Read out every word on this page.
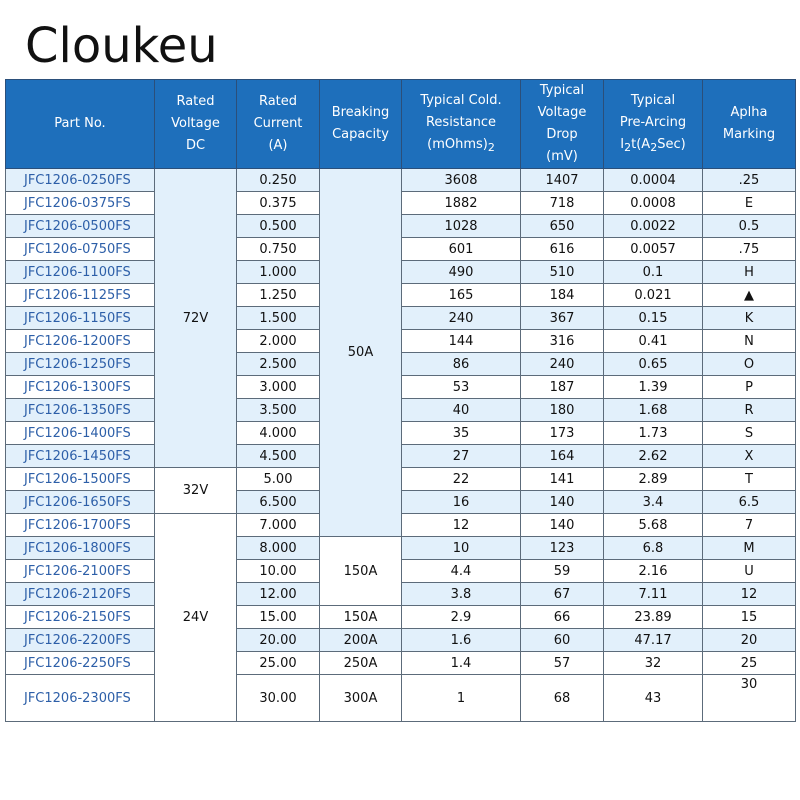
Cloukeu
Part No.	Rated
Voltage
DC	Rated
Current
(A)	Breaking
Capacity	Typical Cold.
Resistance
$(mOhms)_2$	Typical
Voltage
Drop
(mV)	Typical
Pre-Arcing
$I_2t(A_2Sec)$	Aplha
Marking
JFC1206-0250FS	72V	0.250	50A	3608	1407	0.0004	.25
JFC1206-0375FS		0.375		1882	718	0.0008	E
JFC1206-0500FS		0.500		1028	650	0.0022	0.5
JFC1206-0750FS		0.750		601	616	0.0057	.75
JFC1206-1100FS		1.000		490	510	0.1	H
JFC1206-1125FS		1.250		165	184	0.021	▲
JFC1206-1150FS		1.500		240	367	0.15	K
JFC1206-1200FS		2.000		144	316	0.41	N
JFC1206-1250FS		2.500		86	240	0.65	O
JFC1206-1300FS		3.000		53	187	1.39	P
JFC1206-1350FS		3.500		40	180	1.68	R
JFC1206-1400FS		4.000		35	173	1.73	S
JFC1206-1450FS		4.500		27	164	2.62	X
JFC1206-1500FS	32V	5.00		22	141	2.89	T
JFC1206-1650FS		6.500		16	140	3.4	6.5
JFC1206-1700FS	24V	7.000		12	140	5.68	7
JFC1206-1800FS		8.000	150A	10	123	6.8	M
JFC1206-2100FS		10.00		4.4	59	2.16	U
JFC1206-2120FS		12.00		3.8	67	7.11	12
JFC1206-2150FS		15.00	150A	2.9	66	23.89	15
JFC1206-2200FS		20.00	200A	1.6	60	47.17	20
JFC1206-2250FS		25.00	250A	1.4	57	32	25
JFC1206-2300FS		30.00	300A	1	68	43	30
